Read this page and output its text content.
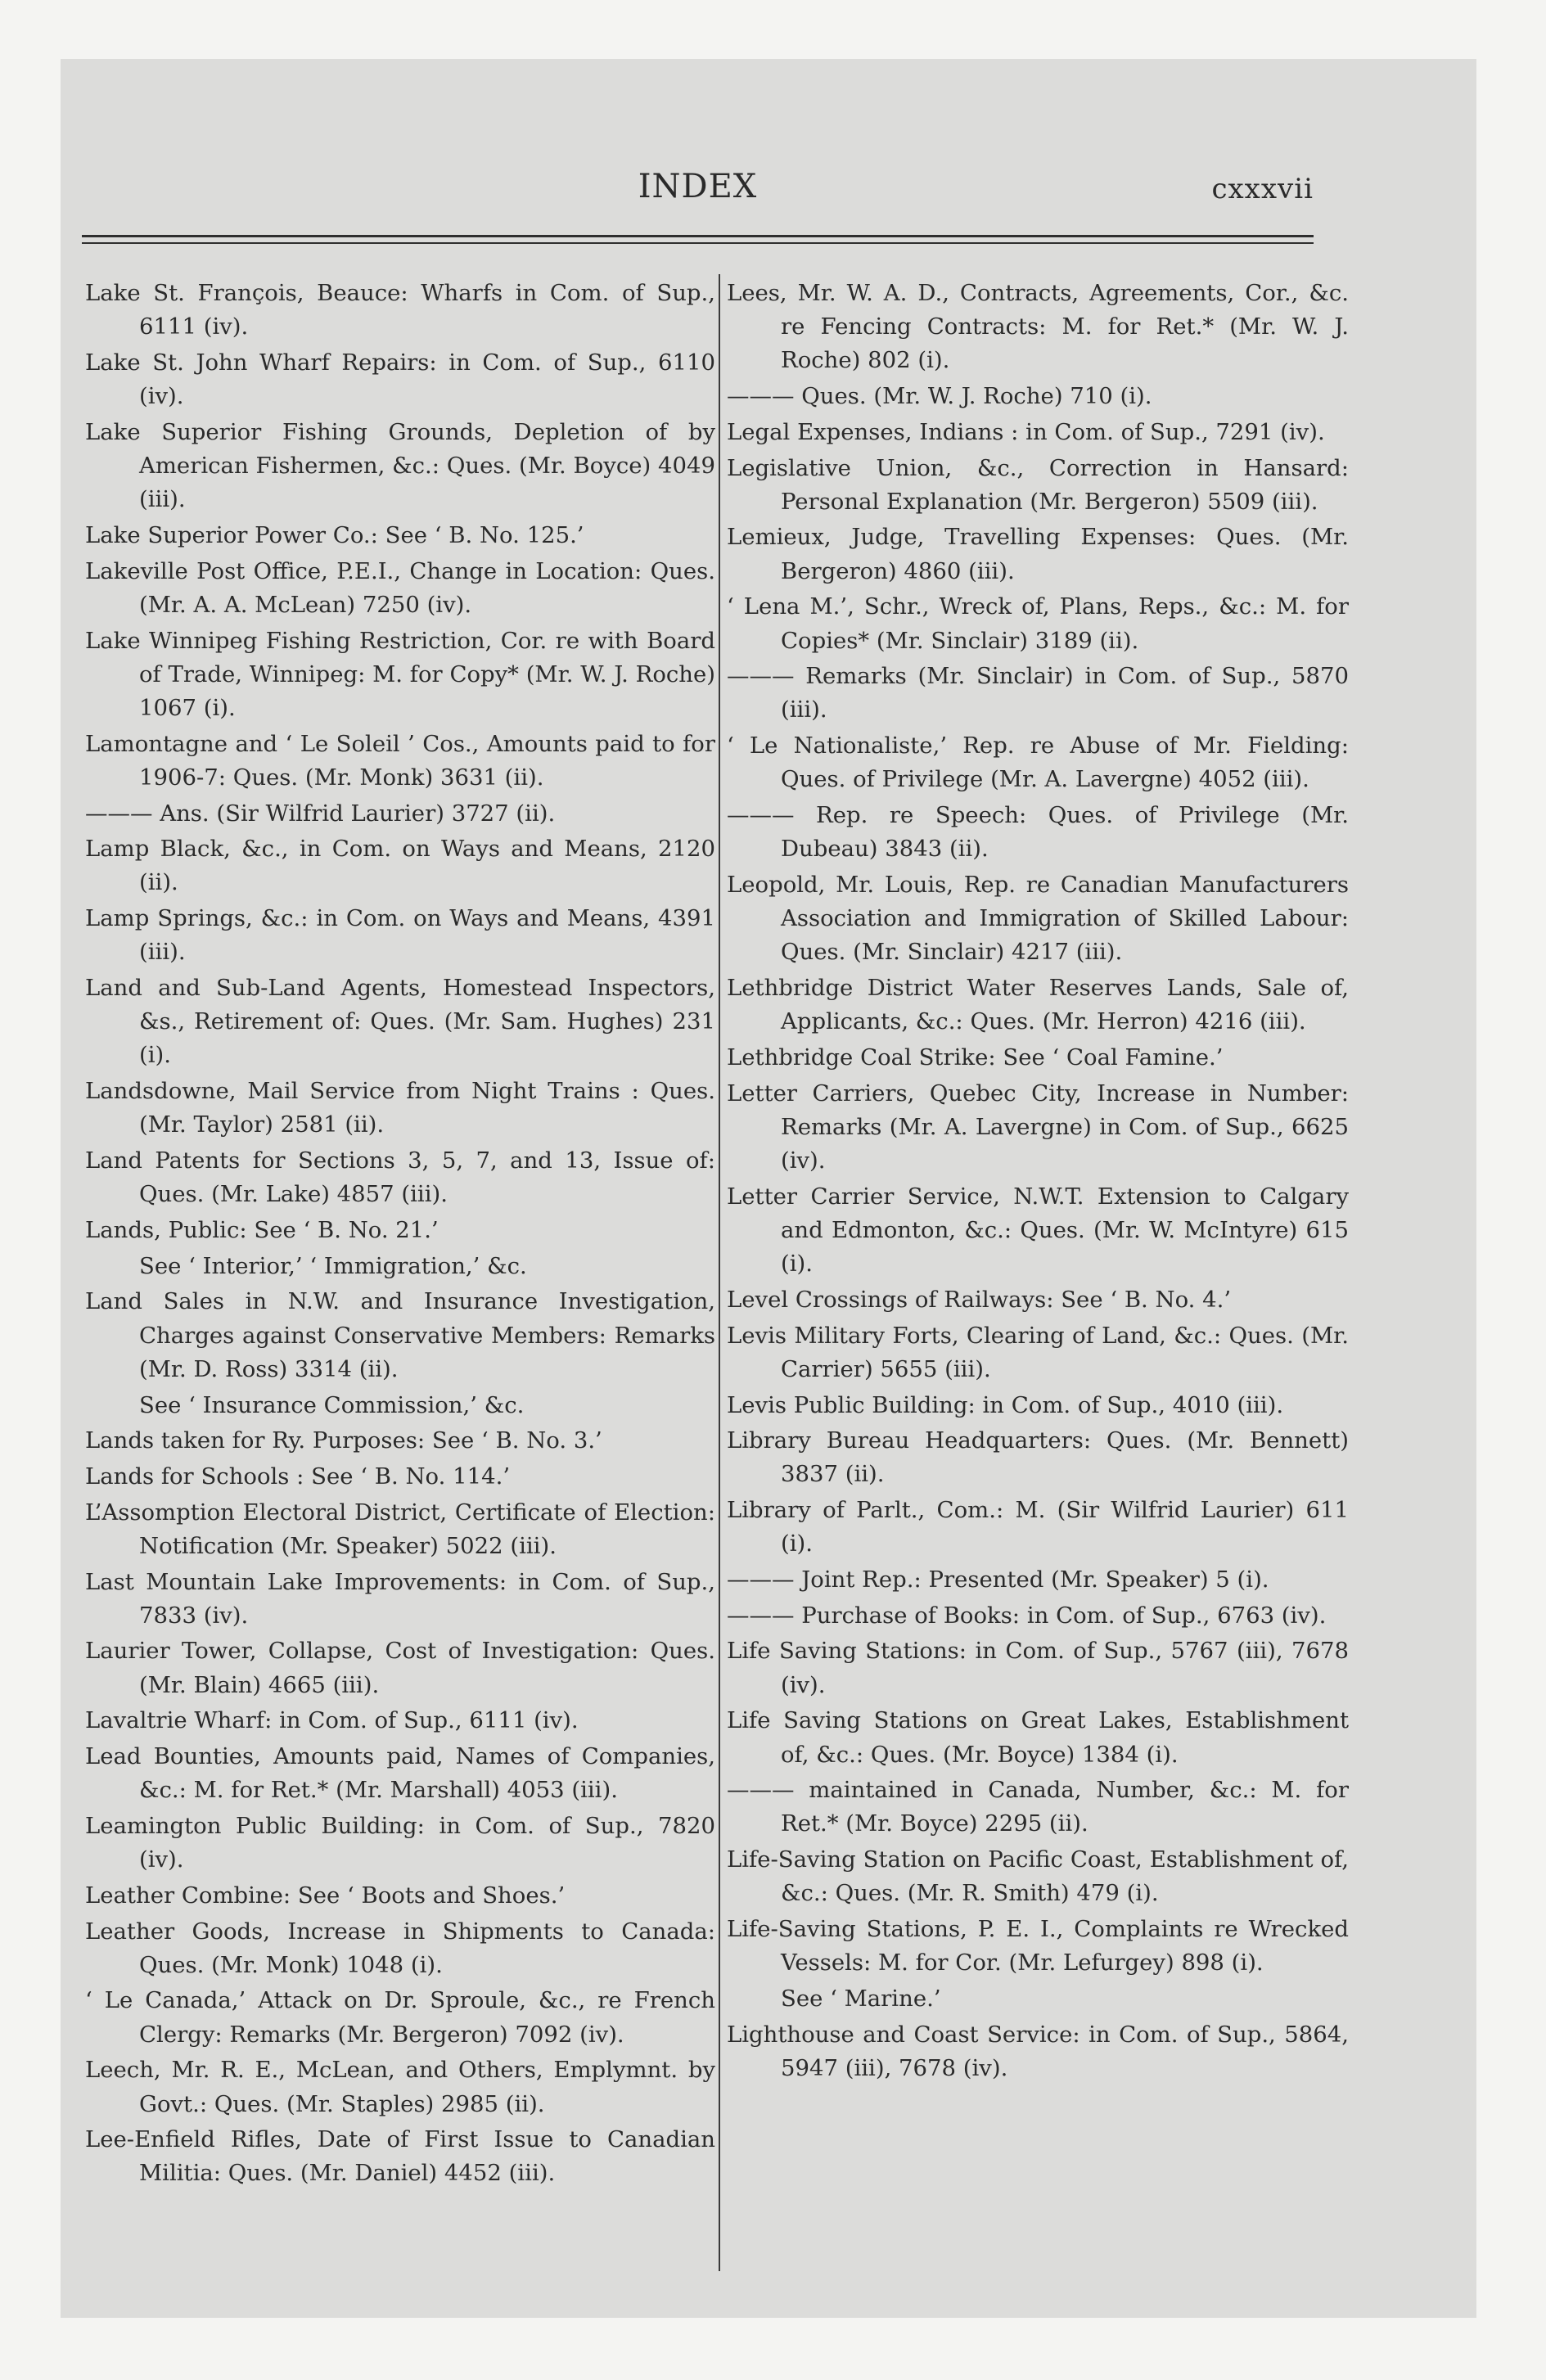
INDEX	cxxxvii

Lake St. François, Beauce: Wharfs in Com. of Sup., 6111 (iv).

Lake St. John Wharf Repairs: in Com. of Sup., 6110 (iv).

Lake Superior Fishing Grounds, Depletion of by American Fishermen, &c.: Ques. (Mr. Boyce) 4049 (iii).

Lake Superior Power Co.: See ‘ B. No. 125.’

Lakeville Post Office, P.E.I., Change in Location: Ques. (Mr. A. A. McLean) 7250 (iv).

Lake Winnipeg Fishing Restriction, Cor. re with Board of Trade, Winnipeg: M. for Copy* (Mr. W. J. Roche) 1067 (i).

Lamontagne and ‘ Le Soleil ’ Cos., Amounts paid to for 1906-7: Ques. (Mr. Monk) 3631 (ii).

——— Ans. (Sir Wilfrid Laurier) 3727 (ii).

Lamp Black, &c., in Com. on Ways and Means, 2120 (ii).

Lamp Springs, &c.: in Com. on Ways and Means, 4391 (iii).

Land and Sub-Land Agents, Homestead Inspectors, &s., Retirement of: Ques. (Mr. Sam. Hughes) 231 (i).

Landsdowne, Mail Service from Night Trains : Ques. (Mr. Taylor) 2581 (ii).

Land Patents for Sections 3, 5, 7, and 13, Issue of: Ques. (Mr. Lake) 4857 (iii).

Lands, Public: See ‘ B. No. 21.’

See ‘ Interior,’ ‘ Immigration,’ &c.

Land Sales in N.W. and Insurance Investigation, Charges against Conservative Members: Remarks (Mr. D. Ross) 3314 (ii).

See ‘ Insurance Commission,’ &c.

Lands taken for Ry. Purposes: See ‘ B. No. 3.’

Lands for Schools : See ‘ B. No. 114.’

L’Assomption Electoral District, Certificate of Election: Notification (Mr. Speaker) 5022 (iii).

Last Mountain Lake Improvements: in Com. of Sup., 7833 (iv).

Laurier Tower, Collapse, Cost of Investigation: Ques. (Mr. Blain) 4665 (iii).

Lavaltrie Wharf: in Com. of Sup., 6111 (iv).

Lead Bounties, Amounts paid, Names of Companies, &c.: M. for Ret.* (Mr. Marshall) 4053 (iii).

Leamington Public Building: in Com. of Sup., 7820 (iv).

Leather Combine: See ‘ Boots and Shoes.’

Leather Goods, Increase in Shipments to Canada: Ques. (Mr. Monk) 1048 (i).

‘ Le Canada,’ Attack on Dr. Sproule, &c., re French Clergy: Remarks (Mr. Bergeron) 7092 (iv).

Leech, Mr. R. E., McLean, and Others, Emplymnt. by Govt.: Ques. (Mr. Staples) 2985 (ii).

Lee-Enfield Rifles, Date of First Issue to Canadian Militia: Ques. (Mr. Daniel) 4452 (iii).

Lees, Mr. W. A. D., Contracts, Agreements, Cor., &c. re Fencing Contracts: M. for Ret.* (Mr. W. J. Roche) 802 (i).

——— Ques. (Mr. W. J. Roche) 710 (i).

Legal Expenses, Indians : in Com. of Sup., 7291 (iv).

Legislative Union, &c., Correction in Hansard: Personal Explanation (Mr. Bergeron) 5509 (iii).

Lemieux, Judge, Travelling Expenses: Ques. (Mr. Bergeron) 4860 (iii).

‘ Lena M.’, Schr., Wreck of, Plans, Reps., &c.: M. for Copies* (Mr. Sinclair) 3189 (ii).

——— Remarks (Mr. Sinclair) in Com. of Sup., 5870 (iii).

‘ Le Nationaliste,’ Rep. re Abuse of Mr. Fielding: Ques. of Privilege (Mr. A. Lavergne) 4052 (iii).

——— Rep. re Speech: Ques. of Privilege (Mr. Dubeau) 3843 (ii).

Leopold, Mr. Louis, Rep. re Canadian Manufacturers Association and Immigration of Skilled Labour: Ques. (Mr. Sinclair) 4217 (iii).

Lethbridge District Water Reserves Lands, Sale of, Applicants, &c.: Ques. (Mr. Herron) 4216 (iii).

Lethbridge Coal Strike: See ‘ Coal Famine.’

Letter Carriers, Quebec City, Increase in Number: Remarks (Mr. A. Lavergne) in Com. of Sup., 6625 (iv).

Letter Carrier Service, N.W.T. Extension to Calgary and Edmonton, &c.: Ques. (Mr. W. McIntyre) 615 (i).

Level Crossings of Railways: See ‘ B. No. 4.’

Levis Military Forts, Clearing of Land, &c.: Ques. (Mr. Carrier) 5655 (iii).

Levis Public Building: in Com. of Sup., 4010 (iii).

Library Bureau Headquarters: Ques. (Mr. Bennett) 3837 (ii).

Library of Parlt., Com.: M. (Sir Wilfrid Laurier) 611 (i).

——— Joint Rep.: Presented (Mr. Speaker) 5 (i).

——— Purchase of Books: in Com. of Sup., 6763 (iv).

Life Saving Stations: in Com. of Sup., 5767 (iii), 7678 (iv).

Life Saving Stations on Great Lakes, Establishment of, &c.: Ques. (Mr. Boyce) 1384 (i).

——— maintained in Canada, Number, &c.: M. for Ret.* (Mr. Boyce) 2295 (ii).

Life-Saving Station on Pacific Coast, Establishment of, &c.: Ques. (Mr. R. Smith) 479 (i).

Life-Saving Stations, P. E. I., Complaints re Wrecked Vessels: M. for Cor. (Mr. Lefurgey) 898 (i).

See ‘ Marine.’

Lighthouse and Coast Service: in Com. of Sup., 5864, 5947 (iii), 7678 (iv).
